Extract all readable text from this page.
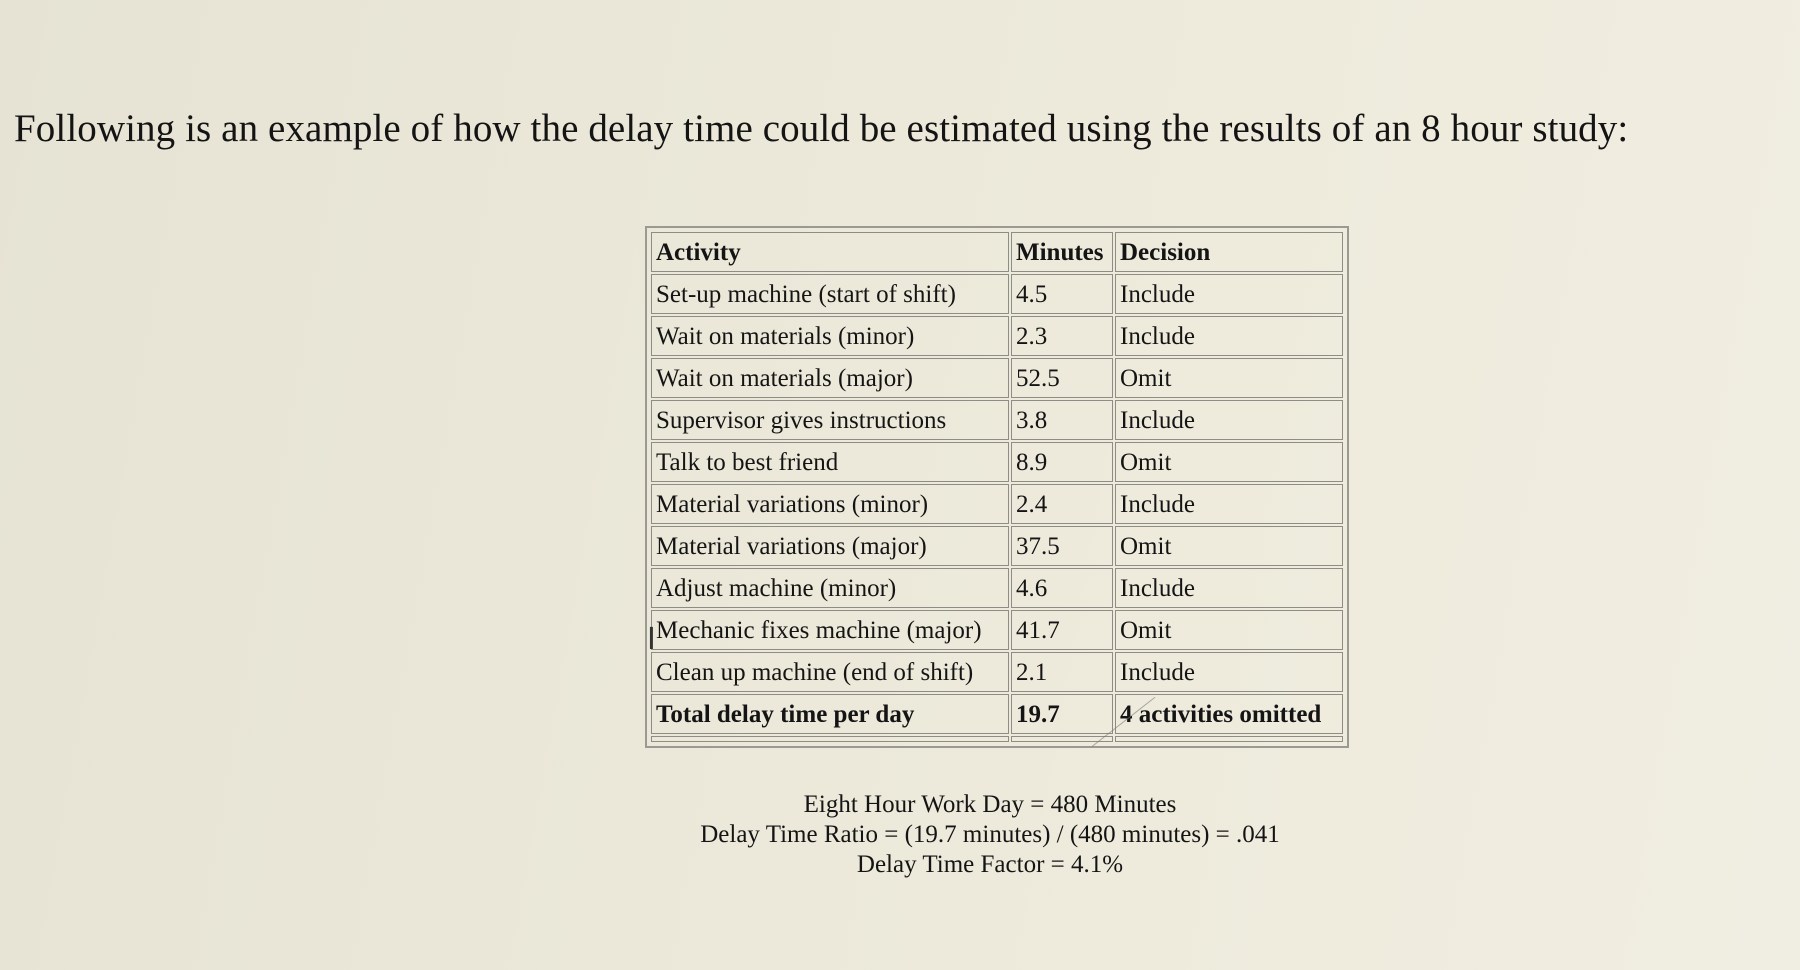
Following is an example of how the delay time could be estimated using the results of an 8 hour study:

Activity	Minutes	Decision
Set-up machine (start of shift)	4.5	Include
Wait on materials (minor)	2.3	Include
Wait on materials (major)	52.5	Omit
Supervisor gives instructions	3.8	Include
Talk to best friend	8.9	Omit
Material variations (minor)	2.4	Include
Material variations (major)	37.5	Omit
Adjust machine (minor)	4.6	Include
Mechanic fixes machine (major)	41.7	Omit
Clean up machine (end of shift)	2.1	Include
Total delay time per day	19.7	4 activities omitted

I
Eight Hour Work Day = 480 Minutes
Delay Time Ratio = (19.7 minutes) / (480 minutes) = .041
Delay Time Factor = 4.1%
